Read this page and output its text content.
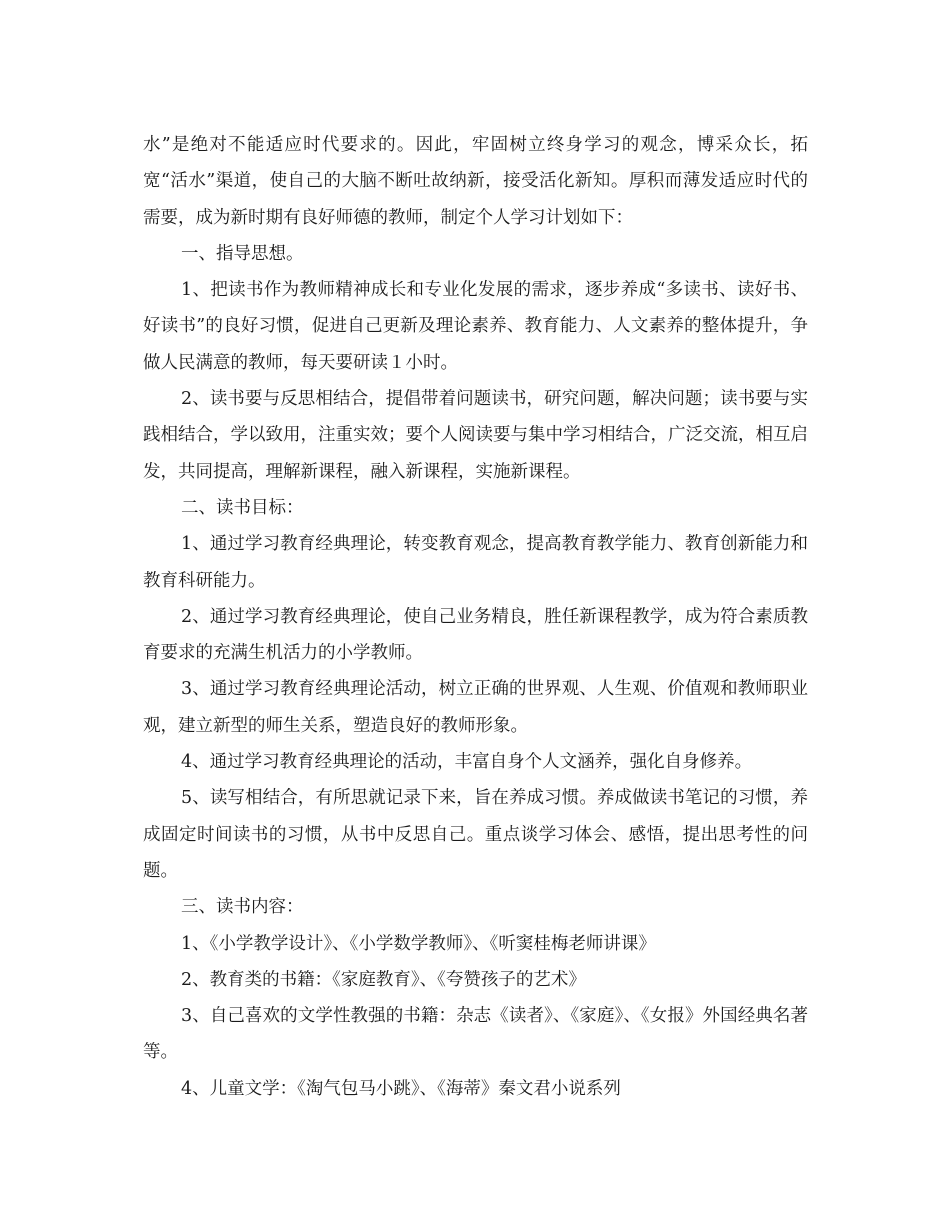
水”是绝对不能适应时代要求的。因此，牢固树立终身学习的观念，博采众长，拓宽“活水”渠道，使自己的大脑不断吐故纳新，接受活化新知。厚积而薄发适应时代的需要，成为新时期有良好师德的教师，制定个人学习计划如下：

一、指导思想。

1、把读书作为教师精神成长和专业化发展的需求，逐步养成“多读书、读好书、好读书”的良好习惯，促进自己更新及理论素养、教育能力、人文素养的整体提升，争做人民满意的教师，每天要研读１小时。

2、读书要与反思相结合，提倡带着问题读书，研究问题，解决问题；读书要与实践相结合，学以致用，注重实效；要个人阅读要与集中学习相结合，广泛交流，相互启发，共同提高，理解新课程，融入新课程，实施新课程。

二、读书目标：

1、通过学习教育经典理论，转变教育观念，提高教育教学能力、教育创新能力和教育科研能力。

2、通过学习教育经典理论，使自己业务精良，胜任新课程教学，成为符合素质教育要求的充满生机活力的小学教师。

3、通过学习教育经典理论活动，树立正确的世界观、人生观、价值观和教师职业观，建立新型的师生关系，塑造良好的教师形象。

4、通过学习教育经典理论的活动，丰富自身个人文涵养，强化自身修养。

5、读写相结合，有所思就记录下来，旨在养成习惯。养成做读书笔记的习惯，养成固定时间读书的习惯，从书中反思自己。重点谈学习体会、感悟，提出思考性的问题。

三、读书内容：

1、《小学教学设计》、《小学数学教师》、《听窦桂梅老师讲课》

2、教育类的书籍：《家庭教育》、《夸赞孩子的艺术》

3、自己喜欢的文学性教强的书籍：杂志《读者》、《家庭》、《女报》外国经典名著等。

4、儿童文学：《淘气包马小跳》、《海蒂》秦文君小说系列
